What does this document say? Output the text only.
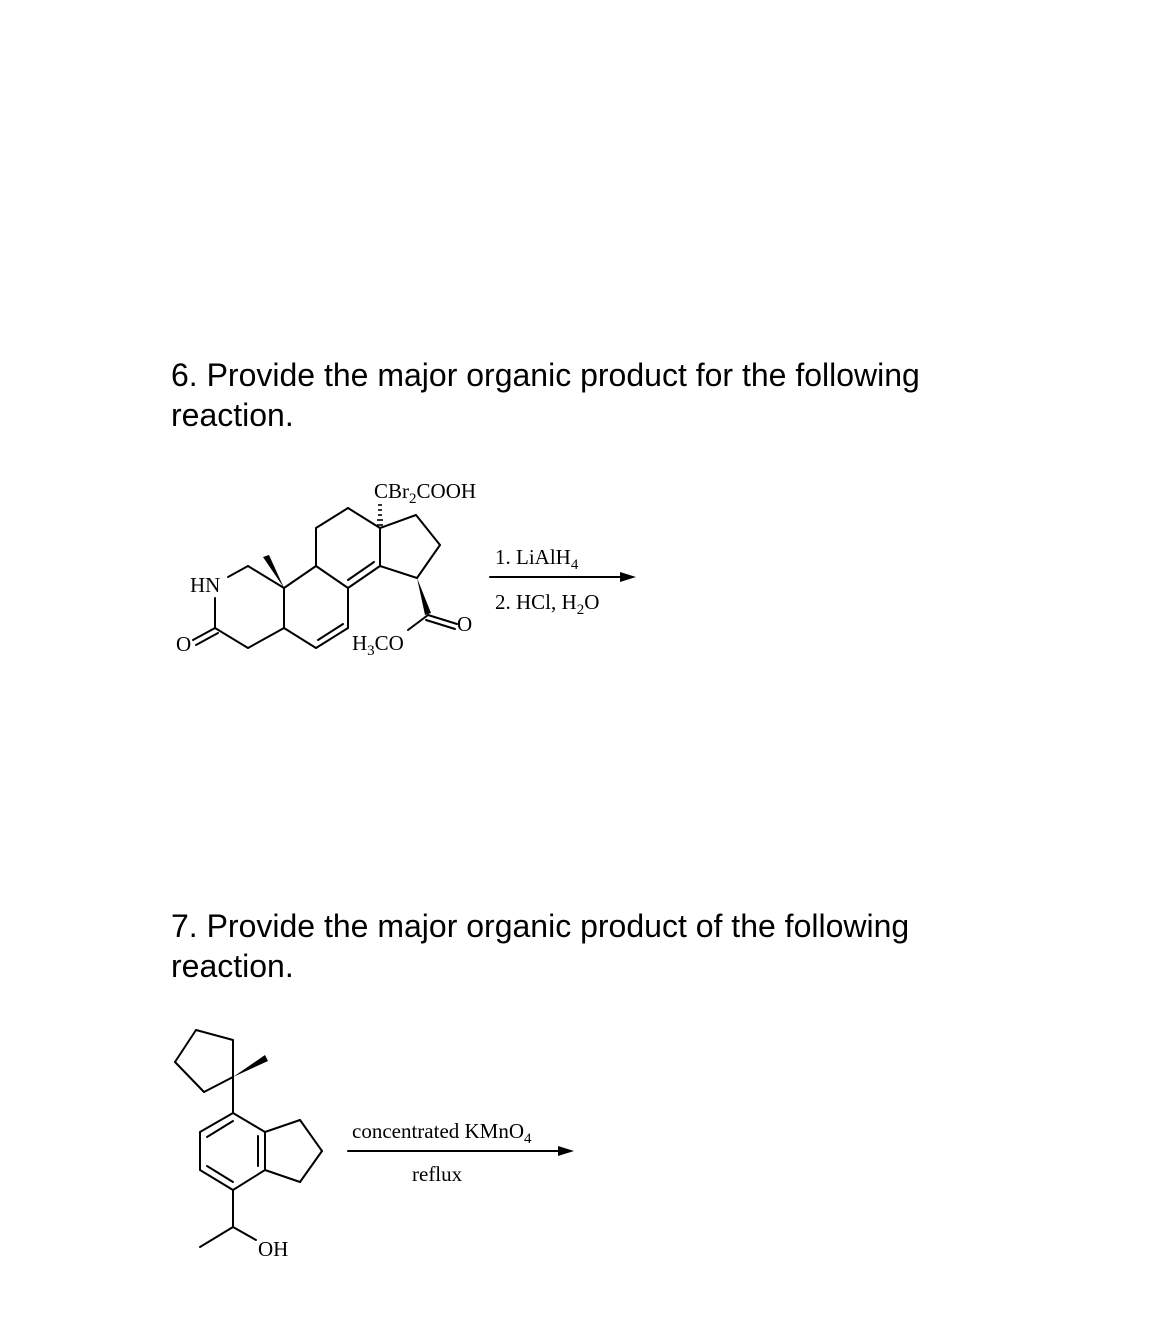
6. Provide the major organic product for the following reaction.

CBr$_2$COOH
HN
O	$H_3CO$
O
1. LiAlH$_4$
2. HCl, $H_2O$

7. Provide the major organic product of the following reaction.

OH
concentrated KMnO$_4$
reflux
